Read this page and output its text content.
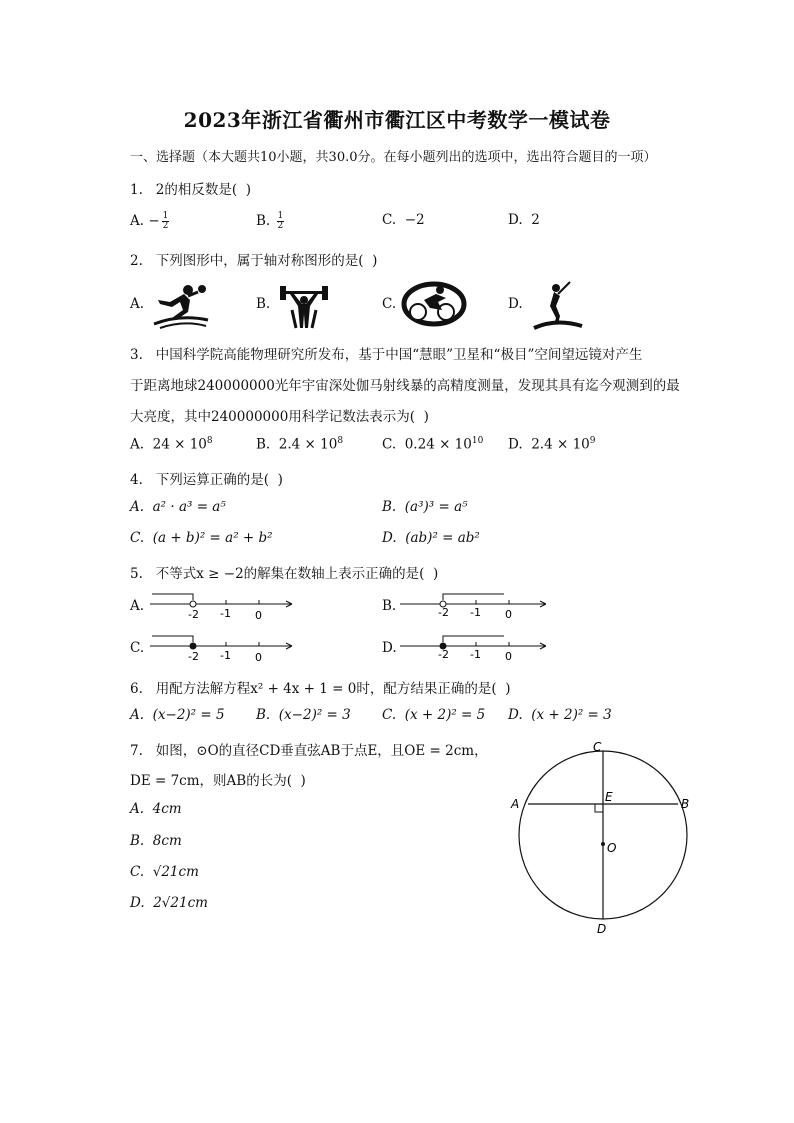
2023年浙江省衢州市衢江区中考数学一模试卷
一、选择题（本大题共10小题，共30.0分。在每小题列出的选项中，选出符合题目的一项）
1.   2的相反数是(  )
A. − $\frac{1}{2}$	B. $\frac{1}{2}$	C.  −2	D.  2
2.   下列图形中，属于轴对称图形的是(  )
A.	B.	C.	D.
3.   中国科学院高能物理研究所发布，基于中国“慧眼”卫星和“极目”空间望远镜对产生
于距离地球240000000光年宇宙深处伽马射线暴的高精度测量，发现其具有迄今观测到的最
大亮度，其中240000000用科学记数法表示为(  )
A.  $24 \times 10^8$	B.  $2.4 \times 10^8$	C.  $0.24 \times 10^{10}$ D.  $2.4 \times 10^9$
4.   下列运算正确的是(  )
A.  a² · a³ = a⁵	B.  (a³)³ = a⁵
C.  (a + b)² = a² + b²	D.  (ab)² = ab²
5.   不等式x ≥ −2的解集在数轴上表示正确的是(  )
A.	B.
C.	D.
-2 -1 0	-2 -1 0
-2 -1 0	-2 -1 0
6.   用配方法解方程x² + 4x + 1 = 0时，配方结果正确的是(  )
A.  (x−2)² = 5 B.  (x−2)² = 3 C.  (x + 2)² = 5 D.  (x + 2)² = 3
7.   如图，⊙O的直径CD垂直弦AB于点E，且OE = 2cm，
DE = 7cm，则AB的长为(  )
A.  4cm
B.  8cm
C.  √21cm
D.  2√21cm
C
A	B
E
O
D
